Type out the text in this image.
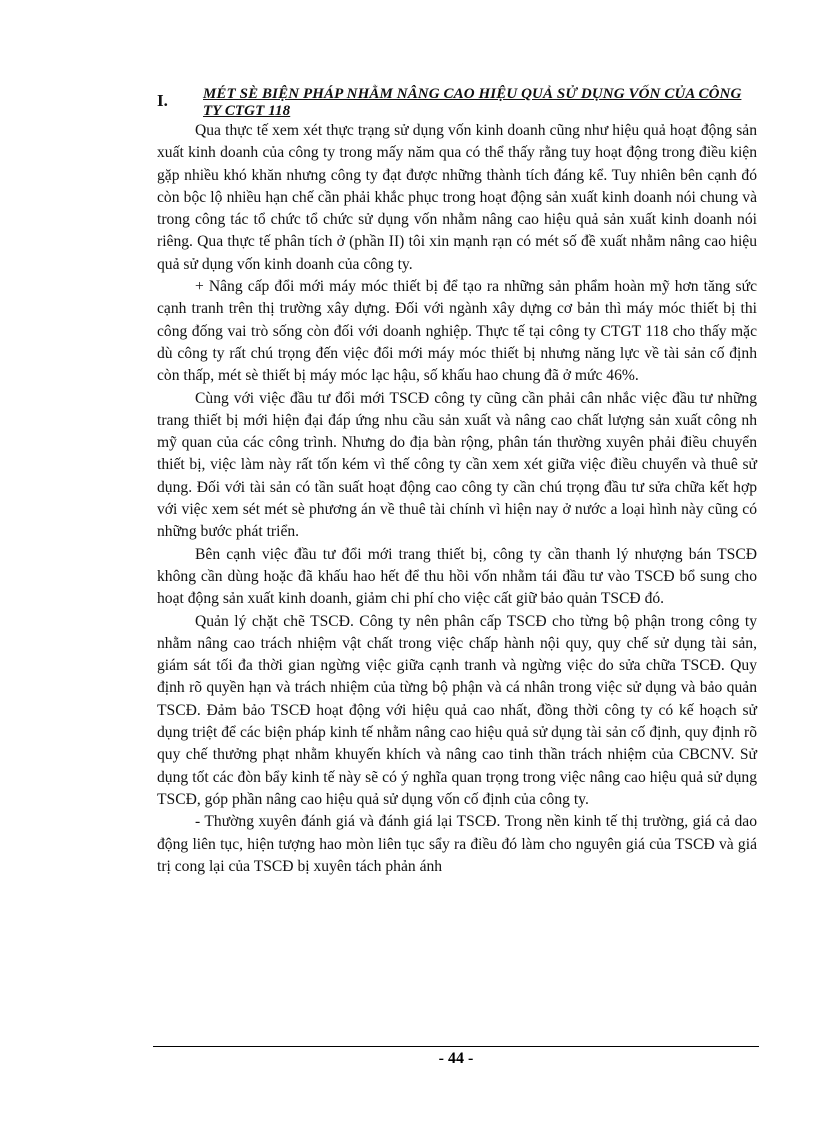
I.	MÉT SÈ BIỆN PHÁP NHẰM NÂNG CAO HIỆU QUẢ SỬ DỤNG VỐN CỦA CÔNG TY CTGT 118

Qua thực tế xem xét thực trạng sử dụng vốn kinh doanh cũng như hiệu quả hoạt động sản xuất kinh doanh của công ty trong mấy năm qua có thể thấy rằng tuy hoạt động trong điều kiện gặp nhiều khó khăn nhưng công ty đạt được những thành tích đáng kể. Tuy nhiên bên cạnh đó còn bộc lộ nhiều hạn chế cần phải khắc phục trong hoạt động sản xuất kinh doanh nói chung và trong công tác tổ chức tổ chức sử dụng vốn nhằm nâng cao hiệu quả sản xuất kinh doanh nói riêng. Qua thực tế phân tích ở (phần II) tôi xin mạnh rạn có mét số đề xuất nhằm nâng cao hiệu quả sử dụng vốn kinh doanh của công ty.

+ Nâng cấp đổi mới máy móc thiết bị để tạo ra những sản phẩm hoàn mỹ hơn tăng sức cạnh tranh trên thị trường xây dựng. Đối với ngành xây dựng cơ bản thì máy móc thiết bị thi công đống vai trò sống còn đối với doanh nghiệp. Thực tế tại công ty CTGT 118 cho thấy mặc dù công ty rất chú trọng đến việc đổi mới máy móc thiết bị nhưng năng lực về tài sản cố định còn thấp, mét sè thiết bị máy móc lạc hậu, số khấu hao chung đã ở mức 46%.

Cùng với việc đầu tư đổi mới TSCĐ công ty cũng cần phải cân nhắc việc đầu tư những trang thiết bị mới hiện đại đáp ứng nhu cầu sản xuất và nâng cao chất lượng sản xuất công nh mỹ quan của các công trình. Nhưng do địa bàn rộng, phân tán thường xuyên phải điều chuyển thiết bị, việc làm này rất tốn kém vì thế công ty cần xem xét giữa việc điều chuyển và thuê sử dụng. Đối với tài sản có tần suất hoạt động cao công ty cần chú trọng đầu tư sửa chữa kết hợp với việc xem sét mét sè phương án về thuê tài chính vì hiện nay ở nước a loại hình này cũng có những bước phát triển.

Bên cạnh việc đầu tư đổi mới trang thiết bị, công ty cần thanh lý nhượng bán TSCĐ không cần dùng hoặc đã khấu hao hết để thu hồi vốn nhằm tái đầu tư vào TSCĐ bổ sung cho hoạt động sản xuất kinh doanh, giảm chi phí cho việc cất giữ bảo quản TSCĐ đó.

Quản lý chặt chẽ TSCĐ. Công ty nên phân cấp TSCĐ cho từng bộ phận trong công ty nhằm nâng cao trách nhiệm vật chất trong việc chấp hành nội quy, quy chế sử dụng tài sản, giám sát tối đa thời gian ngừng việc giữa cạnh tranh và ngừng việc do sửa chữa TSCĐ. Quy định rõ quyền hạn và trách nhiệm của từng bộ phận và cá nhân trong việc sử dụng và bảo quản TSCĐ. Đảm bảo TSCĐ hoạt động với hiệu quả cao nhất, đồng thời công ty có kế hoạch sử dụng triệt để các biện pháp kinh tế nhằm nâng cao hiệu quả sử dụng tài sản cố định, quy định rõ quy chế thưởng phạt nhằm khuyến khích và nâng cao tinh thần trách nhiệm của CBCNV. Sử dụng tốt các đòn bẩy kinh tế này sẽ có ý nghĩa quan trọng trong việc nâng cao hiệu quả sử dụng TSCĐ, góp phần nâng cao hiệu quả sử dụng vốn cố định của công ty.

- Thường xuyên đánh giá và đánh giá lại TSCĐ. Trong nền kinh tế thị trường, giá cả dao động liên tục, hiện tượng hao mòn liên tục sẩy ra điều đó làm cho nguyên giá của TSCĐ và giá trị cong lại của TSCĐ bị xuyên tách phản ánh

- 44 -
